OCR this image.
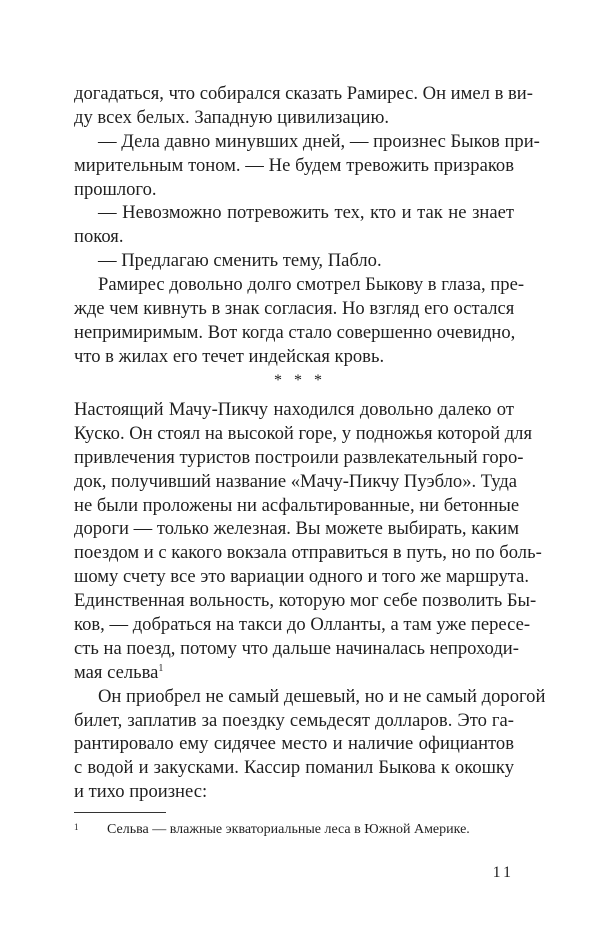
догадаться, что собирался сказать Рамирес. Он имел в ви-
ду всех белых. Западную цивилизацию.
— Дела давно минувших дней, — произнес Быков при-
мирительным тоном. — Не будем тревожить призраков
прошлого.
— Невозможно потревожить тех, кто и так не знает
покоя.
— Предлагаю сменить тему, Пабло.
Рамирес довольно долго смотрел Быкову в глаза, пре-
жде чем кивнуть в знак согласия. Но взгляд его остался
непримиримым. Вот когда стало совершенно очевидно,
что в жилах его течет индейская кровь.
* * *
Настоящий Мачу-Пикчу находился довольно далеко от
Куско. Он стоял на высокой горе, у подножья которой для
привлечения туристов построили развлекательный горо-
док, получивший название «Мачу-Пикчу Пуэбло». Туда
не были проложены ни асфальтированные, ни бетонные
дороги — только железная. Вы можете выбирать, каким
поездом и с какого вокзала отправиться в путь, но по боль-
шому счету все это вариации одного и того же маршрута.
Единственная вольность, которую мог себе позволить Бы-
ков, — добраться на такси до Олланты, а там уже пересе-
сть на поезд, потому что дальше начиналась непроходи-
мая сельва$^1$
Он приобрел не самый дешевый, но и не самый дорогой
билет, заплатив за поездку семьдесят долларов. Это га-
рантировало ему сидячее место и наличие официантов
с водой и закусками. Кассир поманил Быкова к окошку
и тихо произнес:
1 Сельва — влажные экваториальные леса в Южной Америке.
11
